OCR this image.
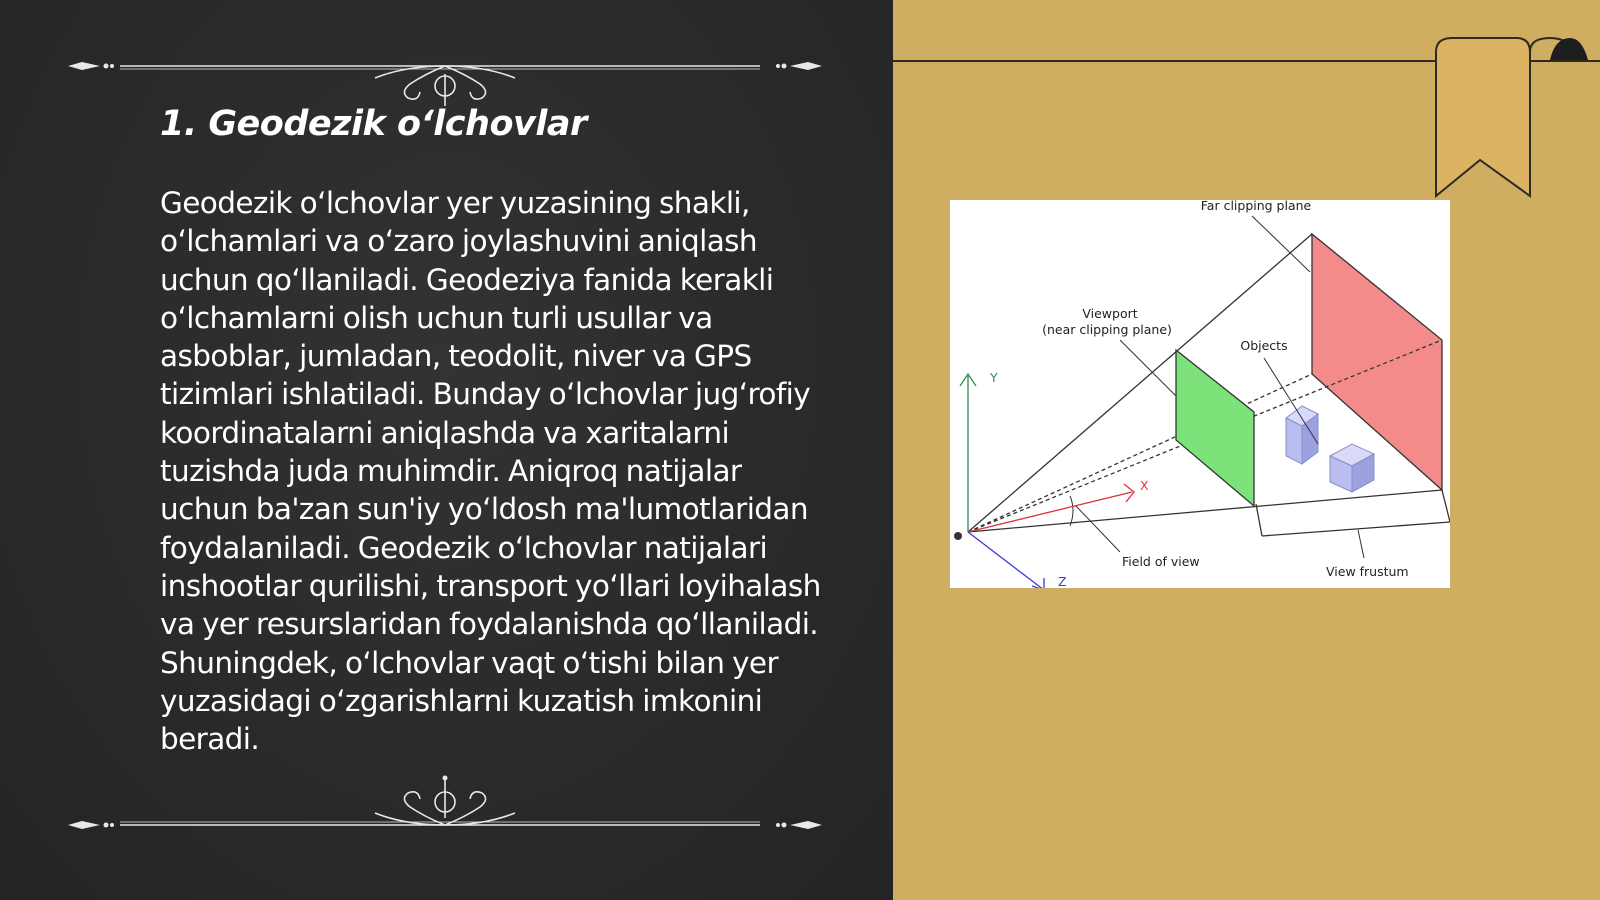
1. Geodezik o‘lchovlar

Geodezik o‘lchovlar yer yuzasining shakli, o‘lchamlari va o‘zaro joylashuvini aniqlash uchun qo‘llaniladi. Geodeziya fanida kerakli o‘lchamlarni olish uchun turli usullar va asboblar, jumladan, teodolit, niver va GPS tizimlari ishlatiladi. Bunday o‘lchovlar jug‘rofiy koordinatalarni aniqlashda va xaritalarni tuzishda juda muhimdir. Aniqroq natijalar uchun ba'zan sun'iy yo‘ldosh ma'lumotlaridan foydalaniladi. Geodezik o‘lchovlar natijalari inshootlar qurilishi, transport yo‘llari loyihalash va yer resurslaridan foydalanishda qo‘llaniladi. Shuningdek, o‘lchovlar vaqt o‘tishi bilan yer yuzasidagi o‘zgarishlarni kuzatish imkonini beradi.

Far clipping plane
Viewport
(near clipping plane)
Objects
Field of view
View frustum
Y
X
Z
